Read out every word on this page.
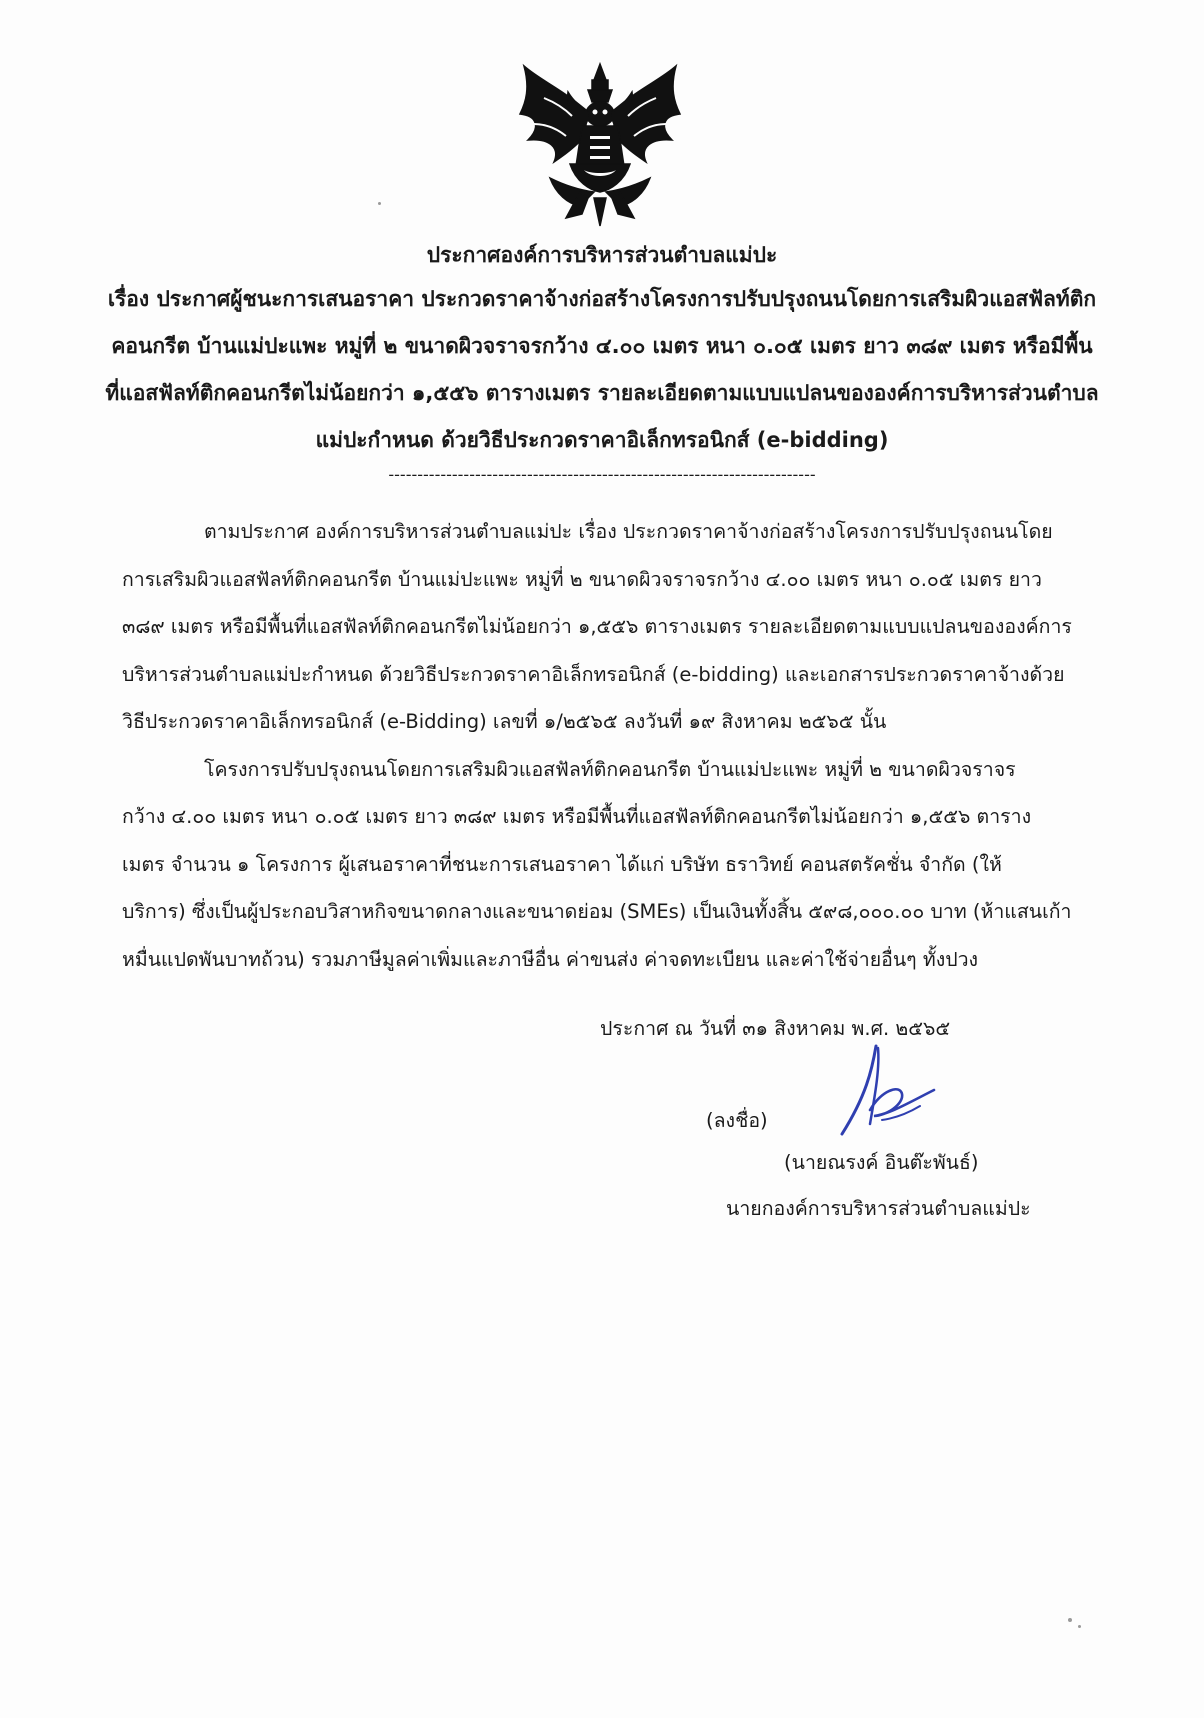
ประกาศองค์การบริหารส่วนตำบลแม่ปะ
เรื่อง ประกาศผู้ชนะการเสนอราคา ประกวดราคาจ้างก่อสร้างโครงการปรับปรุงถนนโดยการเสริมผิวแอสฟัลท์ติก
คอนกรีต บ้านแม่ปะแพะ หมู่ที่ ๒ ขนาดผิวจราจรกว้าง ๔.๐๐ เมตร หนา ๐.๐๕ เมตร ยาว ๓๘๙ เมตร หรือมีพื้น
ที่แอสฟัลท์ติกคอนกรีตไม่น้อยกว่า ๑,๕๕๖ ตารางเมตร รายละเอียดตามแบบแปลนขององค์การบริหารส่วนตำบล
แม่ปะกำหนด ด้วยวิธีประกวดราคาอิเล็กทรอนิกส์ (e-bidding)
--------------------------------------------------------------------------
ตามประกาศ องค์การบริหารส่วนตำบลแม่ปะ เรื่อง ประกวดราคาจ้างก่อสร้างโครงการปรับปรุงถนนโดย
การเสริมผิวแอสฟัลท์ติกคอนกรีต บ้านแม่ปะแพะ หมู่ที่ ๒ ขนาดผิวจราจรกว้าง ๔.๐๐ เมตร หนา ๐.๐๕ เมตร ยาว
๓๘๙ เมตร หรือมีพื้นที่แอสฟัลท์ติกคอนกรีตไม่น้อยกว่า ๑,๕๕๖ ตารางเมตร รายละเอียดตามแบบแปลนขององค์การ
บริหารส่วนตำบลแม่ปะกำหนด ด้วยวิธีประกวดราคาอิเล็กทรอนิกส์ (e-bidding) และเอกสารประกวดราคาจ้างด้วย
วิธีประกวดราคาอิเล็กทรอนิกส์ (e-Bidding) เลขที่ ๑/๒๕๖๕ ลงวันที่ ๑๙ สิงหาคม ๒๕๖๕ นั้น
โครงการปรับปรุงถนนโดยการเสริมผิวแอสฟัลท์ติกคอนกรีต บ้านแม่ปะแพะ หมู่ที่ ๒ ขนาดผิวจราจร
กว้าง ๔.๐๐ เมตร หนา ๐.๐๕ เมตร ยาว ๓๘๙ เมตร หรือมีพื้นที่แอสฟัลท์ติกคอนกรีตไม่น้อยกว่า ๑,๕๕๖ ตาราง
เมตร จำนวน ๑ โครงการ ผู้เสนอราคาที่ชนะการเสนอราคา ได้แก่ บริษัท ธราวิทย์ คอนสตรัคชั่น จำกัด (ให้
บริการ) ซึ่งเป็นผู้ประกอบวิสาหกิจขนาดกลางและขนาดย่อม (SMEs) เป็นเงินทั้งสิ้น ๕๙๘,๐๐๐.๐๐ บาท (ห้าแสนเก้า
หมื่นแปดพันบาทถ้วน) รวมภาษีมูลค่าเพิ่มและภาษีอื่น ค่าขนส่ง ค่าจดทะเบียน และค่าใช้จ่ายอื่นๆ ทั้งปวง
ประกาศ ณ วันที่ ๓๑ สิงหาคม พ.ศ. ๒๕๖๕
(ลงชื่อ)
(นายณรงค์ อินต๊ะพันธ์)
นายกองค์การบริหารส่วนตำบลแม่ปะ
